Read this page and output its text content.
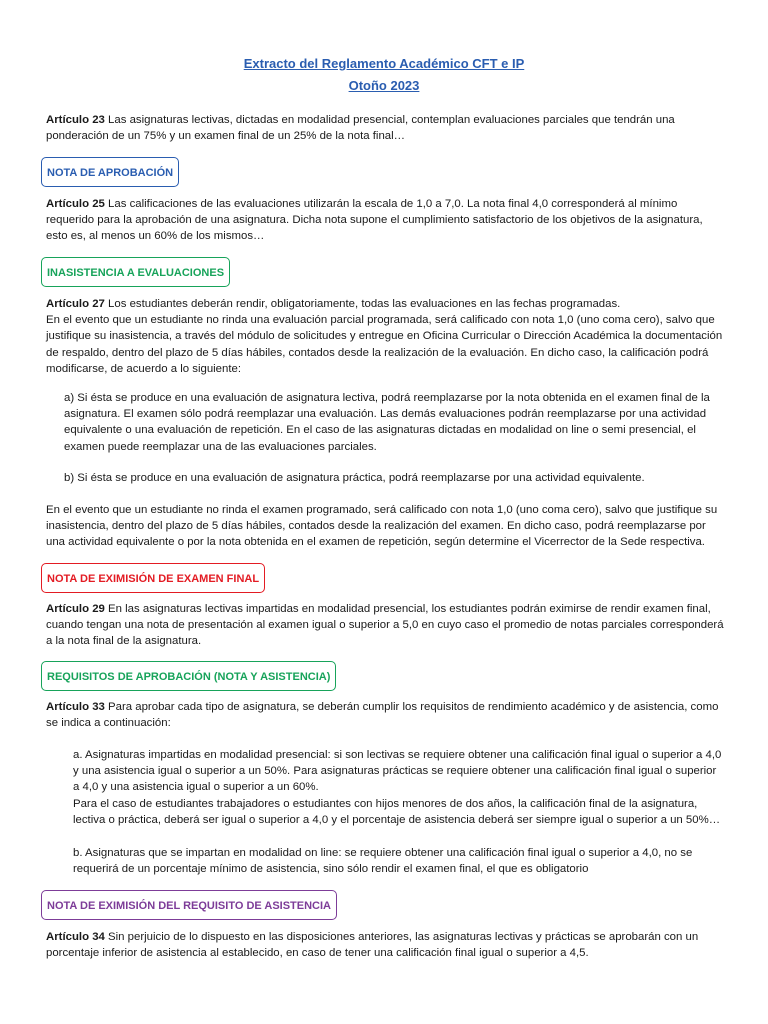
Extracto del Reglamento Académico CFT e IP
Otoño 2023

Artículo 23 Las asignaturas lectivas, dictadas en modalidad presencial, contemplan evaluaciones parciales que tendrán una ponderación de un 75% y un examen final de un 25% de la nota final…

NOTA DE APROBACIÓN

Artículo 25 Las calificaciones de las evaluaciones utilizarán la escala de 1,0 a 7,0. La nota final 4,0 corresponderá al mínimo requerido para la aprobación de una asignatura. Dicha nota supone el cumplimiento satisfactorio de los objetivos de la asignatura, esto es, al menos un 60% de los mismos…

INASISTENCIA A EVALUACIONES

Artículo 27 Los estudiantes deberán rendir, obligatoriamente, todas las evaluaciones en las fechas programadas.

En el evento que un estudiante no rinda una evaluación parcial programada, será calificado con nota 1,0 (uno coma cero), salvo que justifique su inasistencia, a través del módulo de solicitudes y entregue en Oficina Curricular o Dirección Académica la documentación de respaldo, dentro del plazo de 5 días hábiles, contados desde la realización de la evaluación. En dicho caso, la calificación podrá modificarse, de acuerdo a lo siguiente:

a) Si ésta se produce en una evaluación de asignatura lectiva, podrá reemplazarse por la nota obtenida en el examen final de la asignatura. El examen sólo podrá reemplazar una evaluación. Las demás evaluaciones podrán reemplazarse por una actividad equivalente o una evaluación de repetición. En el caso de las asignaturas dictadas en modalidad on line o semi presencial, el examen puede reemplazar una de las evaluaciones parciales.
b) Si ésta se produce en una evaluación de asignatura práctica, podrá reemplazarse por una actividad equivalente.
En el evento que un estudiante no rinda el examen programado, será calificado con nota 1,0 (uno coma cero), salvo que justifique su inasistencia, dentro del plazo de 5 días hábiles, contados desde la realización del examen. En dicho caso, podrá reemplazarse por una actividad equivalente o por la nota obtenida en el examen de repetición, según determine el Vicerrector de la Sede respectiva.
NOTA DE EXIMISIÓN DE EXAMEN FINAL

Artículo 29 En las asignaturas lectivas impartidas en modalidad presencial, los estudiantes podrán eximirse de rendir examen final, cuando tengan una nota de presentación al examen igual o superior a 5,0 en cuyo caso el promedio de notas parciales corresponderá a la nota final de la asignatura.

REQUISITOS DE APROBACIÓN (NOTA Y ASISTENCIA)

Artículo 33 Para aprobar cada tipo de asignatura, se deberán cumplir los requisitos de rendimiento académico y de asistencia, como se indica a continuación:

a. Asignaturas impartidas en modalidad presencial: si son lectivas se requiere obtener una calificación final igual o superior a 4,0 y una asistencia igual o superior a un 50%. Para asignaturas prácticas se requiere obtener una calificación final igual o superior a 4,0 y una asistencia igual o superior a un 60%.

Para el caso de estudiantes trabajadores o estudiantes con hijos menores de dos años, la calificación final de la asignatura, lectiva o práctica, deberá ser igual o superior a 4,0 y el porcentaje de asistencia deberá ser siempre igual o superior a un 50%…

b. Asignaturas que se impartan en modalidad on line: se requiere obtener una calificación final igual o superior a 4,0, no se requerirá de un porcentaje mínimo de asistencia, sino sólo rendir el examen final, el que es obligatorio
NOTA DE EXIMISIÓN DEL REQUISITO DE ASISTENCIA

Artículo 34 Sin perjuicio de lo dispuesto en las disposiciones anteriores, las asignaturas lectivas y prácticas se aprobarán con un porcentaje inferior de asistencia al establecido, en caso de tener una calificación final igual o superior a 4,5.
